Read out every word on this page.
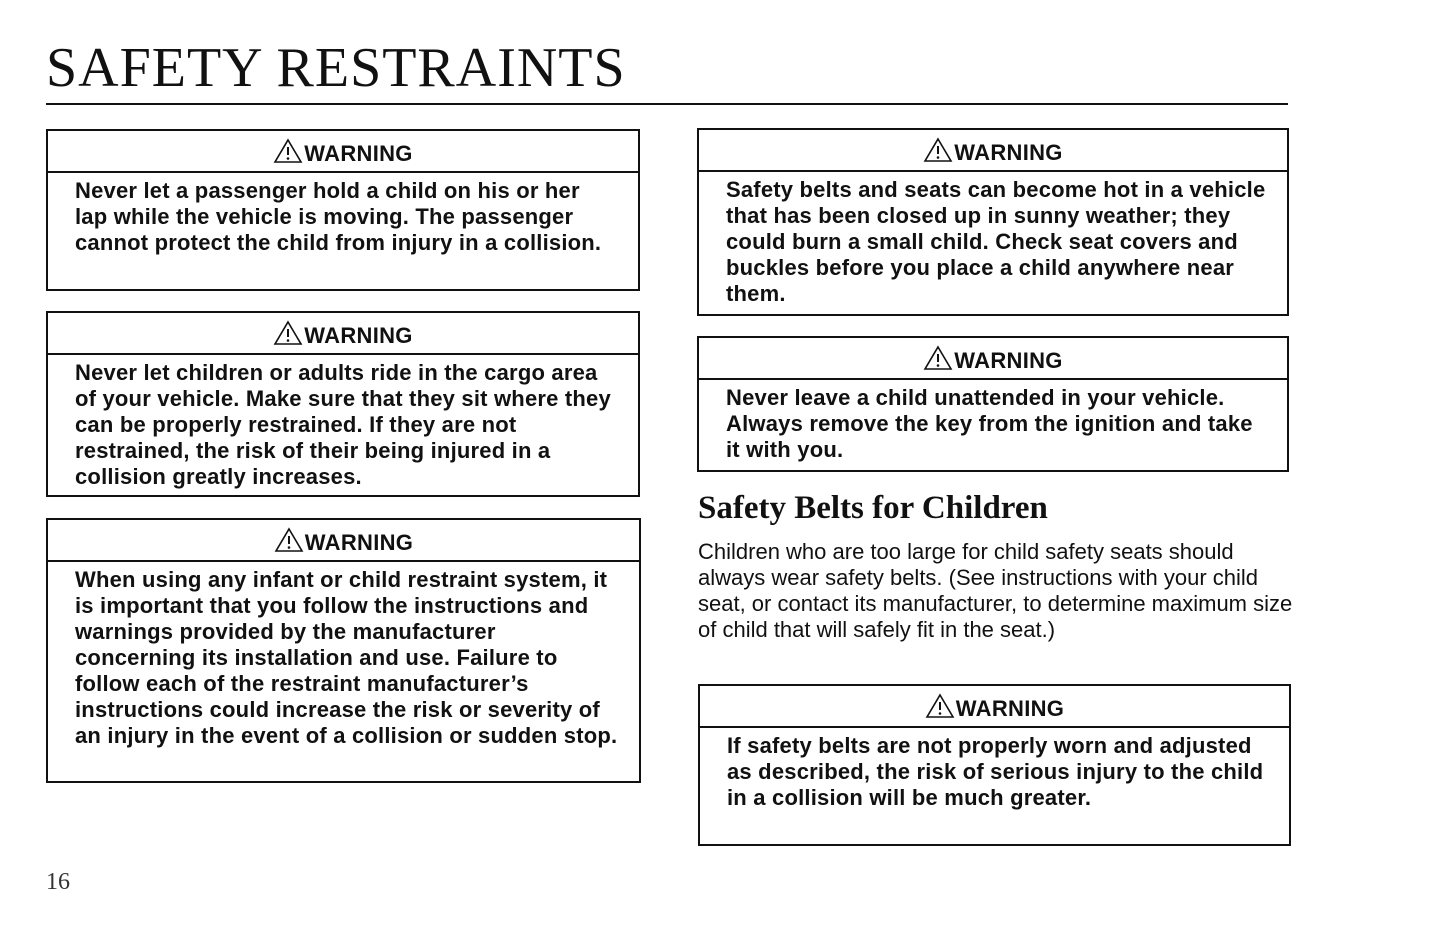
SAFETY RESTRAINTS
WARNING
Never let a passenger hold a child on his or her lap while the vehicle is moving. The passenger cannot protect the child from injury in a collision.
WARNING
Never let children or adults ride in the cargo area of your vehicle. Make sure that they sit where they can be properly restrained. If they are not restrained, the risk of their being injured in a collision greatly increases.
WARNING
When using any infant or child restraint system, it is important that you follow the instructions and warnings provided by the manufacturer concerning its installation and use. Failure to follow each of the restraint manufacturer’s instructions could increase the risk or severity of an injury in the event of a collision or sudden stop.
WARNING
Safety belts and seats can become hot in a vehicle that has been closed up in sunny weather; they could burn a small child. Check seat covers and buckles before you place a child anywhere near them.
WARNING
Never leave a child unattended in your vehicle. Always remove the key from the ignition and take it with you.
Safety Belts for Children

Children who are too large for child safety seats should always wear safety belts. (See instructions with your child seat, or contact its manufacturer, to determine maximum size of child that will safely fit in the seat.)

WARNING
If safety belts are not properly worn and adjusted as described, the risk of serious injury to the child in a collision will be much greater.

16
